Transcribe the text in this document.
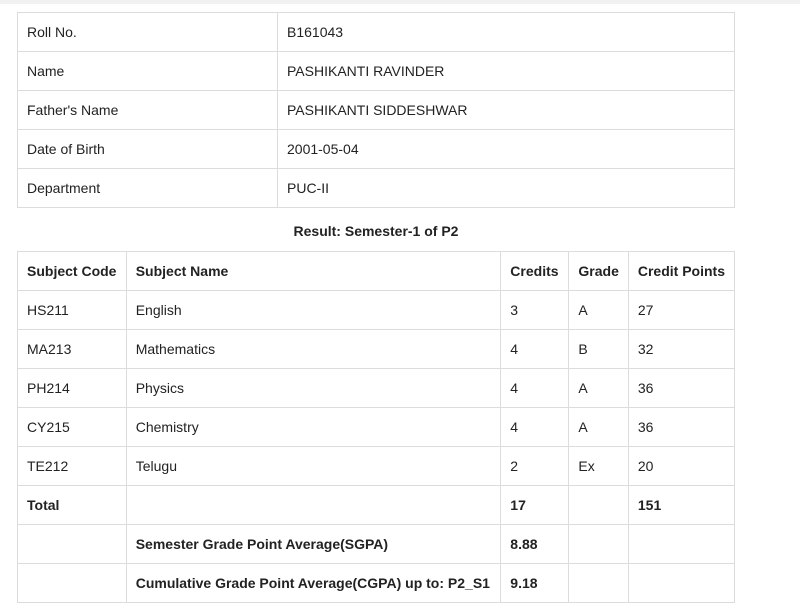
Roll No.	B161043
Name	PASHIKANTI RAVINDER
Father's Name	PASHIKANTI SIDDESHWAR
Date of Birth	2001-05-04
Department	PUC-II
Result: Semester-1 of P2
Subject Code	Subject Name	Credits	Grade	Credit Points
HS211	English	3	A	27
MA213	Mathematics	4	B	32
PH214	Physics	4	A	36
CY215	Chemistry	4	A	36
TE212	Telugu	2	Ex	20
Total		17		151
	Semester Grade Point Average(SGPA)	8.88		
	Cumulative Grade Point Average(CGPA) up to: P2_S1	9.18		
